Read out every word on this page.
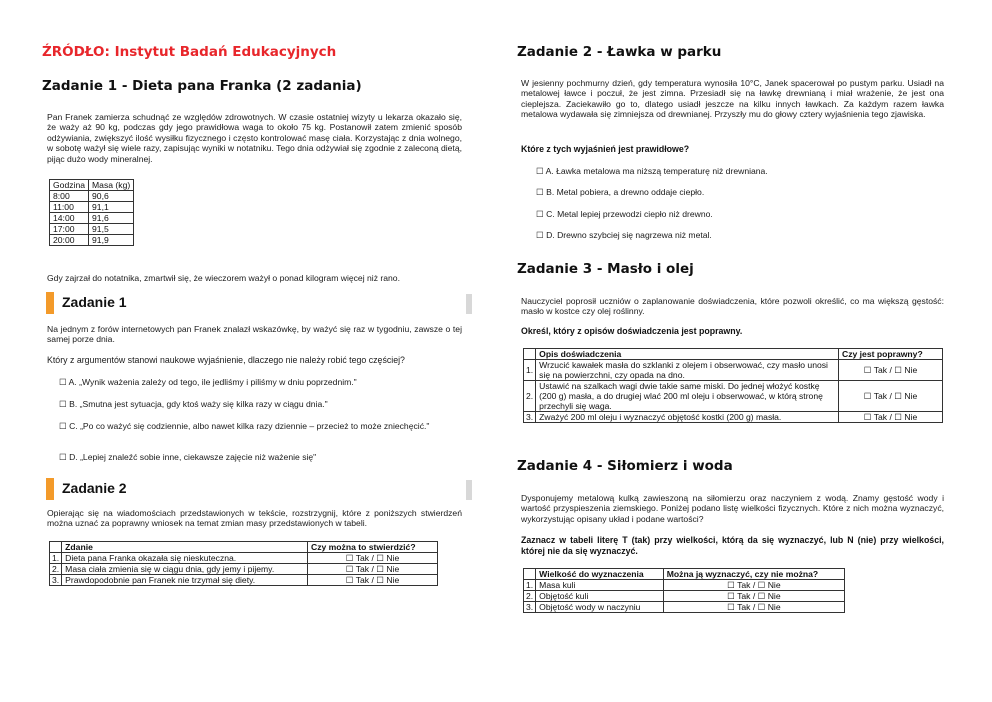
ŹRÓDŁO: Instytut Badań Edukacyjnych
Zadanie 1 - Dieta pana Franka (2 zadania)
Pan Franek zamierza schudnąć ze względów zdrowotnych. W czasie ostatniej wizyty u lekarza okazało się, że waży aż 90 kg, podczas gdy jego prawidłowa waga to około 75 kg. Postanowił zatem zmienić sposób odżywiania, zwiększyć ilość wysiłku fizycznego i często kontrolować masę ciała. Korzystając z dnia wolnego, w sobotę ważył się wiele razy, zapisując wyniki w notatniku. Tego dnia odżywiał się zgodnie z zaleconą dietą, pijąc dużo wody mineralnej.
Godzina	Masa (kg)
8:00	90,6
11:00	91,1
14:00	91,6
17:00	91,5
20:00	91,9
Gdy zajrzał do notatnika, zmartwił się, że wieczorem ważył o ponad kilogram więcej niż rano.
Zadanie 1
Na jednym z forów internetowych pan Franek znalazł wskazówkę, by ważyć się raz w tygodniu, zawsze o tej samej porze dnia.
Który z argumentów stanowi naukowe wyjaśnienie, dlaczego nie należy robić tego częściej?
☐ A. „Wynik ważenia zależy od tego, ile jedliśmy i piliśmy w dniu poprzednim."
☐ B. „Smutna jest sytuacja, gdy ktoś waży się kilka razy w ciągu dnia."
☐ C. „Po co ważyć się codziennie, albo nawet kilka razy dziennie – przecież to może zniechęcić."
☐ D. „Lepiej znaleźć sobie inne, ciekawsze zajęcie niż ważenie się"
Zadanie 2
Opierając się na wiadomościach przedstawionych w tekście, rozstrzygnij, które z poniższych stwierdzeń można uznać za poprawny wniosek na temat zmian masy przedstawionych w tabeli.
	Zdanie	Czy można to stwierdzić?
1.	Dieta pana Franka okazała się nieskuteczna.	☐ Tak / ☐ Nie
2.	Masa ciała zmienia się w ciągu dnia, gdy jemy i pijemy.	☐ Tak / ☐ Nie
3.	Prawdopodobnie pan Franek nie trzymał się diety.	☐ Tak / ☐ Nie
Zadanie 2 - Ławka w parku
W jesienny pochmurny dzień, gdy temperatura wynosiła 10°C, Janek spacerował po pustym parku. Usiadł na metalowej ławce i poczuł, że jest zimna. Przesiadł się na ławkę drewnianą i miał wrażenie, że jest ona cieplejsza. Zaciekawiło go to, dlatego usiadł jeszcze na kilku innych ławkach. Za każdym razem ławka metalowa wydawała się zimniejsza od drewnianej. Przyszły mu do głowy cztery wyjaśnienia tego zjawiska.
Które z tych wyjaśnień jest prawidłowe?
☐ A. Ławka metalowa ma niższą temperaturę niż drewniana.
☐ B. Metal pobiera, a drewno oddaje ciepło.
☐ C. Metal lepiej przewodzi ciepło niż drewno.
☐ D. Drewno szybciej się nagrzewa niż metal.
Zadanie 3 - Masło i olej
Nauczyciel poprosił uczniów o zaplanowanie doświadczenia, które pozwoli określić, co ma większą gęstość: masło w kostce czy olej roślinny.
Określ, który z opisów doświadczenia jest poprawny.
	Opis doświadczenia	Czy jest poprawny?
1.	Wrzucić kawałek masła do szklanki z olejem i obserwować, czy masło unosi się na powierzchni, czy opada na dno.	☐ Tak / ☐ Nie
2.	Ustawić na szalkach wagi dwie takie same miski. Do jednej włożyć kostkę (200 g) masła, a do drugiej wlać 200 ml oleju i obserwować, w którą stronę przechyli się waga.	☐ Tak / ☐ Nie
3.	Zważyć 200 ml oleju i wyznaczyć objętość kostki (200 g) masła.	☐ Tak / ☐ Nie
Zadanie 4 - Siłomierz i woda
Dysponujemy metalową kulką zawieszoną na siłomierzu oraz naczyniem z wodą. Znamy gęstość wody i wartość przyspieszenia ziemskiego. Poniżej podano listę wielkości fizycznych. Które z nich można wyznaczyć, wykorzystując opisany układ i podane wartości?
Zaznacz w tabeli literę T (tak) przy wielkości, którą da się wyznaczyć, lub N (nie) przy wielkości, której nie da się wyznaczyć.
	Wielkość do wyznaczenia	Można ją wyznaczyć, czy nie można?
1.	Masa kuli	☐ Tak / ☐ Nie
2.	Objętość kuli	☐ Tak / ☐ Nie
3.	Objętość wody w naczyniu	☐ Tak / ☐ Nie
